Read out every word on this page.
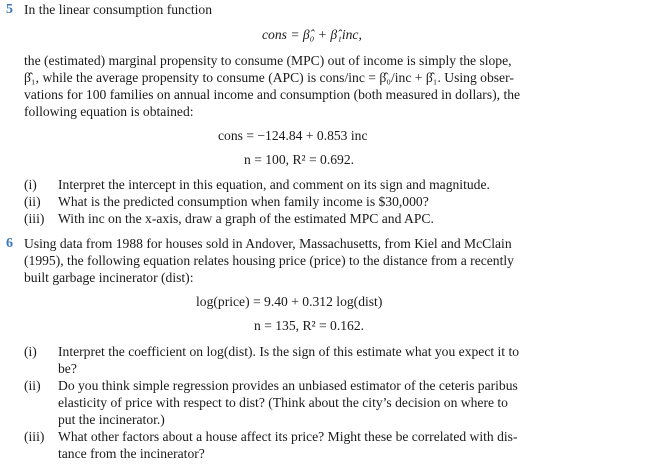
5 In the linear consumption function
cons = β̂₀ + β̂₁inc,
the (estimated) marginal propensity to consume (MPC) out of income is simply the slope,
β̂₁, while the average propensity to consume (APC) is cons/inc = β̂₀/inc + β̂₁. Using obser-
vations for 100 families on annual income and consumption (both measured in dollars), the
following equation is obtained:
cons = −124.84 + 0.853 inc
n = 100, R² = 0.692.
(i) Interpret the intercept in this equation, and comment on its sign and magnitude.
(ii) What is the predicted consumption when family income is $30,000?
(iii) With inc on the x-axis, draw a graph of the estimated MPC and APC.
6 Using data from 1988 for houses sold in Andover, Massachusetts, from Kiel and McClain
(1995), the following equation relates housing price (price) to the distance from a recently
built garbage incinerator (dist):
log(price) = 9.40 + 0.312 log(dist)
n = 135, R² = 0.162.
(i) Interpret the coefficient on log(dist). Is the sign of this estimate what you expect it to
be?
(ii) Do you think simple regression provides an unbiased estimator of the ceteris paribus
elasticity of price with respect to dist? (Think about the city’s decision on where to
put the incinerator.)
(iii) What other factors about a house affect its price? Might these be correlated with dis-
tance from the incinerator?
